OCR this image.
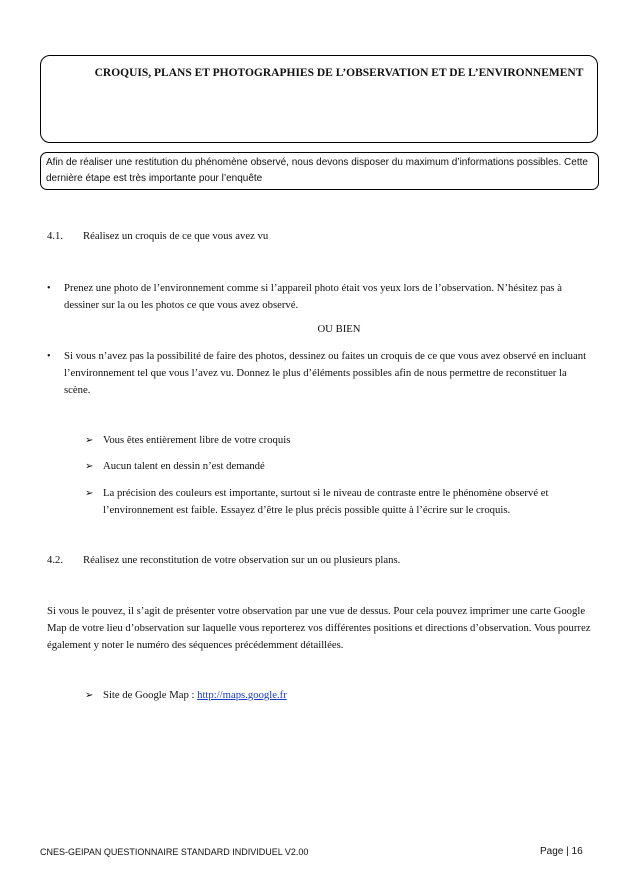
CROQUIS, PLANS ET PHOTOGRAPHIES DE L’OBSERVATION ET DE L’ENVIRONNEMENT
Afin de réaliser une restitution du phénomène observé, nous devons disposer du maximum d’informations possibles. Cette dernière étape est très importante pour l’enquête
4.1. Réalisez un croquis de ce que vous avez vu
• Prenez une photo de l’environnement comme si l’appareil photo était vos yeux lors de l’observation. N’hésitez pas à dessiner sur la ou les photos ce que vous avez observé.
OU BIEN
• Si vous n’avez pas la possibilité de faire des photos, dessinez ou faites un croquis de ce que vous avez observé en incluant l’environnement tel que vous l’avez vu. Donnez le plus d’éléments possibles afin de nous permettre de reconstituer la scène.
➢ Vous êtes entièrement libre de votre croquis
➢ Aucun talent en dessin n’est demandé
➢ La précision des couleurs est importante, surtout si le niveau de contraste entre le phénomène observé et l’environnement est faible. Essayez d’être le plus précis possible quitte à l’écrire sur le croquis.
4.2. Réalisez une reconstitution de votre observation sur un ou plusieurs plans.
Si vous le pouvez, il s’agit de présenter votre observation par une vue de dessus. Pour cela pouvez imprimer une carte Google Map de votre lieu d’observation sur laquelle vous reporterez vos différentes positions et directions d’observation. Vous pourrez également y noter le numéro des séquences précédemment détaillées.
➢ Site de Google Map : http://maps.google.fr
CNES-GEIPAN QUESTIONNAIRE STANDARD INDIVIDUEL V2.00	Page | 16
